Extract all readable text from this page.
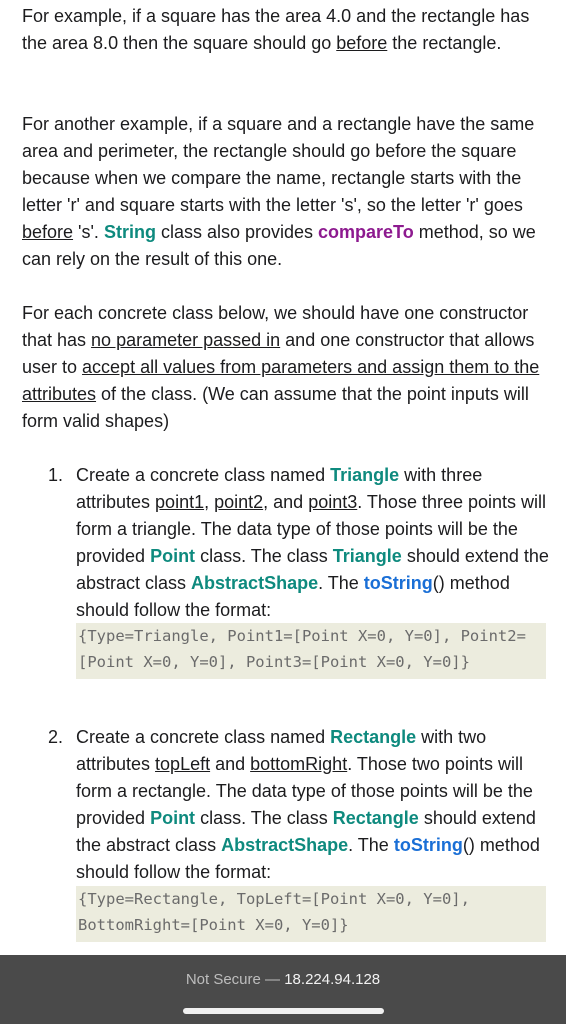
For example, if a square has the area 4.0 and the rectangle has the area 8.0 then the square should go before the rectangle.

For another example, if a square and a rectangle have the same area and perimeter, the rectangle should go before the square because when we compare the name, rectangle starts with the letter 'r' and square starts with the letter 's', so the letter 'r' goes before 's'. String class also provides compareTo method, so we can rely on the result of this one.

For each concrete class below, we should have one constructor that has no parameter passed in and one constructor that allows user to accept all values from parameters and assign them to the attributes of the class. (We can assume that the point inputs will form valid shapes)

1. Create a concrete class named Triangle with three attributes point1, point2, and point3. Those three points will form a triangle. The data type of those points will be the provided Point class. The class Triangle should extend the abstract class AbstractShape. The toString() method should follow the format:

{Type=Triangle, Point1=[Point X=0, Y=0], Point2=[Point X=0, Y=0], Point3=[Point X=0, Y=0]}
2. Create a concrete class named Rectangle with two attributes topLeft and bottomRight. Those two points will form a rectangle. The data type of those points will be the provided Point class. The class Rectangle should extend the abstract class AbstractShape. The toString() method should follow the format:

{Type=Rectangle, TopLeft=[Point X=0, Y=0], BottomRight=[Point X=0, Y=0]}
Not Secure — 18.224.94.128
